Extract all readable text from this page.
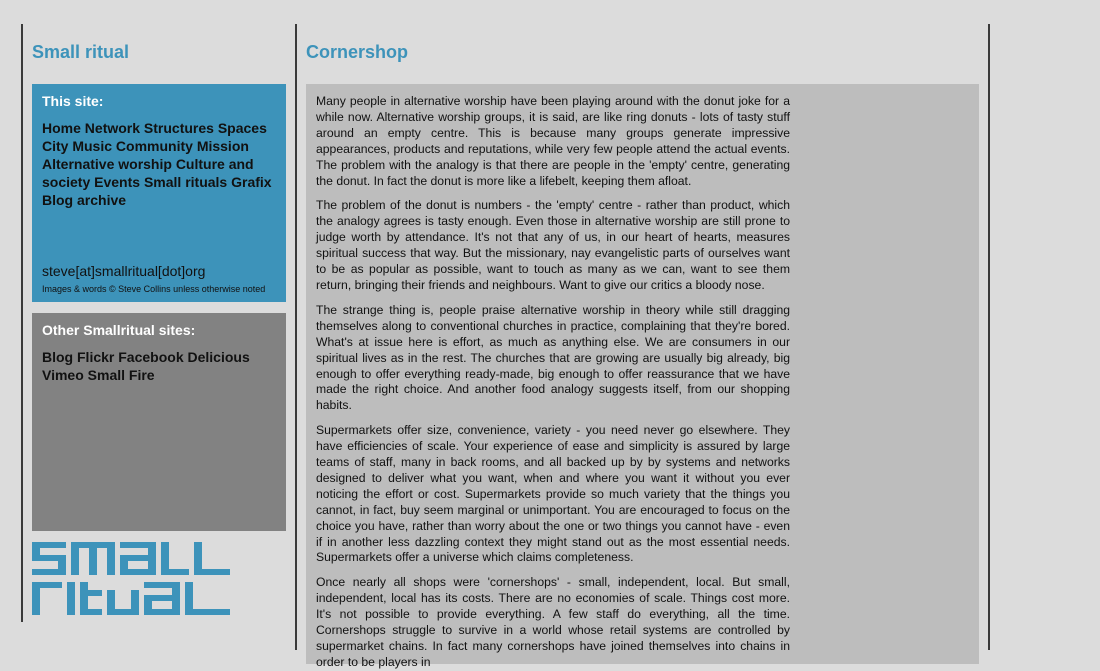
Small ritual	Cornershop
This site:
Home Network Structures Spaces
City Music Community Mission
Alternative worship Culture and society Events Small rituals Grafix
Blog archive
steve[at]smallritual[dot]org
Images & words © Steve Collins unless otherwise noted
Other Smallritual sites:
Blog Flickr Facebook Delicious
Vimeo Small Fire

Many people in alternative worship have been playing around with the donut joke for a while now. Alternative worship groups, it is said, are like ring donuts - lots of tasty stuff around an empty centre. This is because many groups generate impressive appearances, products and reputations, while very few people attend the actual events. The problem with the analogy is that there are people in the 'empty' centre, generating the donut. In fact the donut is more like a lifebelt, keeping them afloat.

The problem of the donut is numbers - the 'empty' centre - rather than product, which the analogy agrees is tasty enough. Even those in alternative worship are still prone to judge worth by attendance. It's not that any of us, in our heart of hearts, measures spiritual success that way. But the missionary, nay evangelistic parts of ourselves want to be as popular as possible, want to touch as many as we can, want to see them return, bringing their friends and neighbours. Want to give our critics a bloody nose.

The strange thing is, people praise alternative worship in theory while still dragging themselves along to conventional churches in practice, complaining that they're bored. What's at issue here is effort, as much as anything else. We are consumers in our spiritual lives as in the rest. The churches that are growing are usually big already, big enough to offer everything ready-made, big enough to offer reassurance that we have made the right choice. And another food analogy suggests itself, from our shopping habits.

Supermarkets offer size, convenience, variety - you need never go elsewhere. They have efficiencies of scale. Your experience of ease and simplicity is assured by large teams of staff, many in back rooms, and all backed up by by systems and networks designed to deliver what you want, when and where you want it without you ever noticing the effort or cost. Supermarkets provide so much variety that the things you cannot, in fact, buy seem marginal or unimportant. You are encouraged to focus on the choice you have, rather than worry about the one or two things you cannot have - even if in another less dazzling context they might stand out as the most essential needs. Supermarkets offer a universe which claims completeness.

Once nearly all shops were 'cornershops' - small, independent, local. But small, independent, local has its costs. There are no economies of scale. Things cost more. It's not possible to provide everything. A few staff do everything, all the time. Cornershops struggle to survive in a world whose retail systems are controlled by supermarket chains. In fact many cornershops have joined themselves into chains in order to be players in
